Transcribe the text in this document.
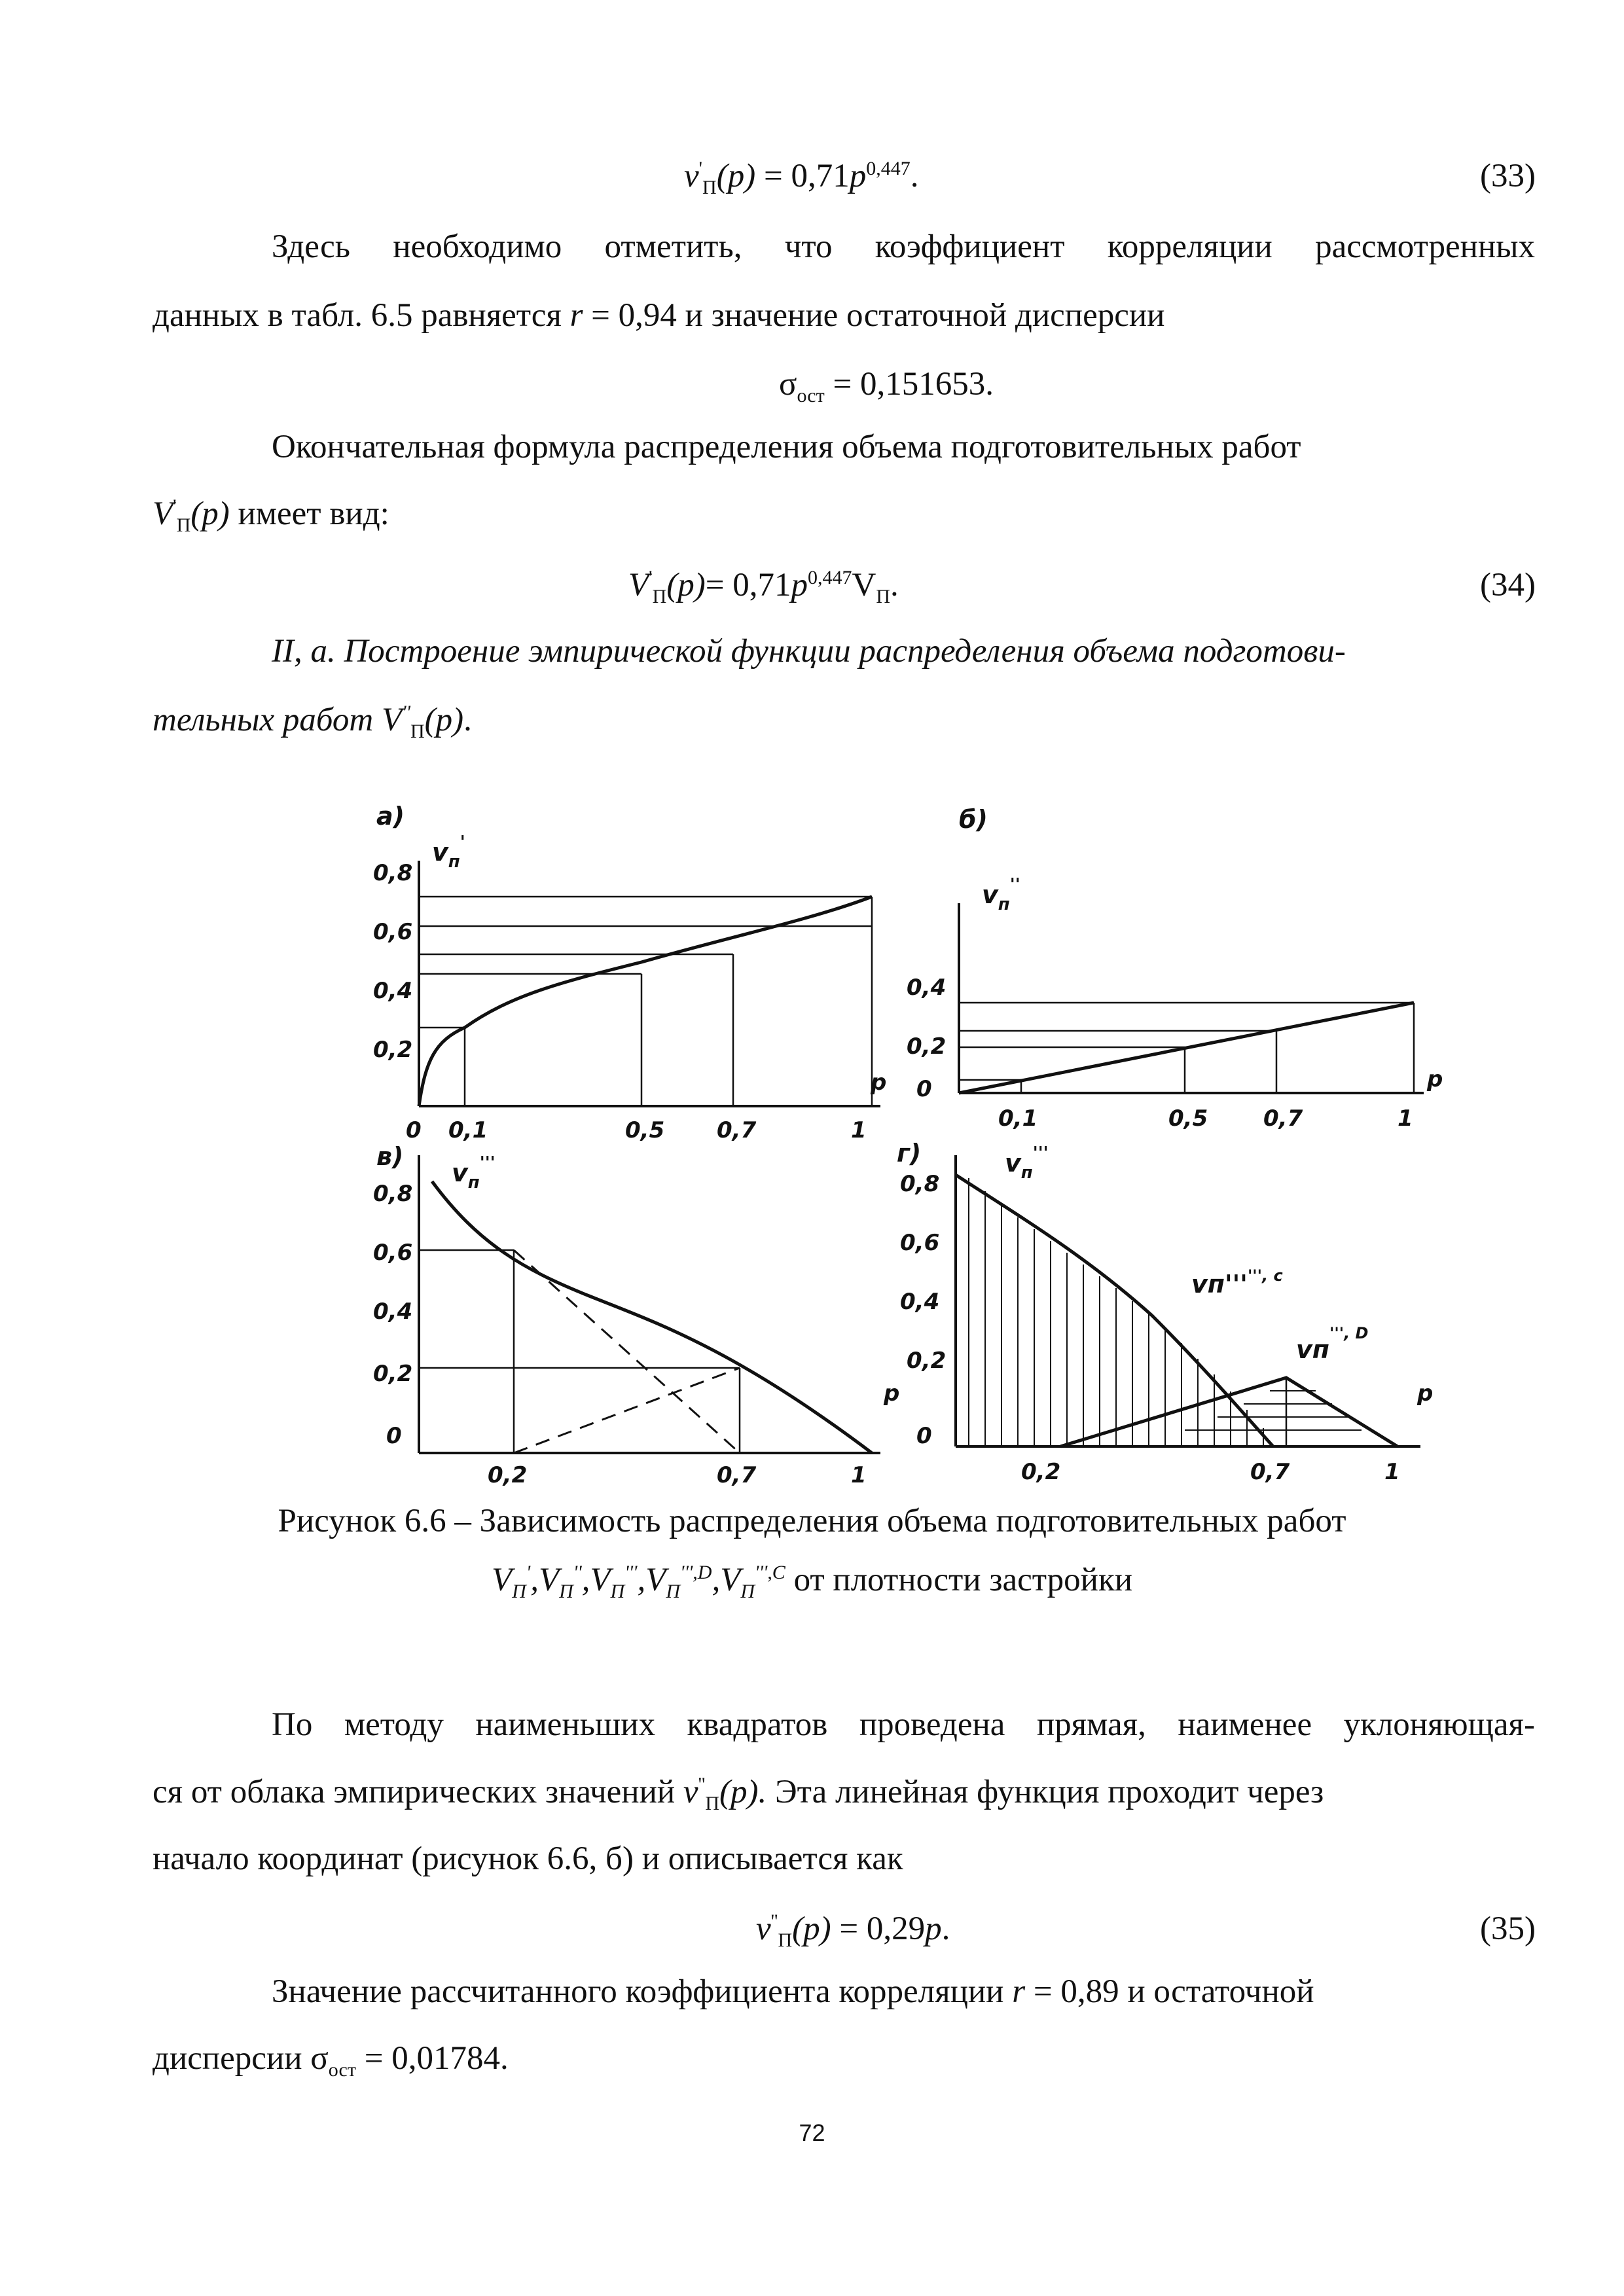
$v'_П(p) = 0,71p^{0,447}$.	(33)
Здесь необходимо отметить, что коэффициент корреляции рассмотренных
данных в табл. 6.5 равняется r = 0,94 и значение остаточной дисперсии
$\sigma_{ост} = 0,151653$.
Окончательная формула распределения объема подготовительных работ
$V'_П(p)$ имеет вид:
$V'_П(p)= 0,71p^{0,447}V_П$.	(34)
II, а. Построение эмпирической функции распределения объема подготови-
тельных работ $V''_П(p)$.
а)
$v_п'$
0,8
0,6
0,4
0,2
0 0,1	0,5 0,7	1
p
б)
$v_п''$
0,4
0,2
0
0,1	0,5 0,7	1
p
в)
$v_п'''$
0,8
0,6
0,4
0,2
0
0,2	0,7	1
p
г)	$v_п'''$
0,8
0,6
0,4
0,2
0
0,2	0,7	1
p
$vп'''^{''', c}$
$vп^{''', D}$
Рисунок 6.6 – Зависимость распределения объема подготовительных работ
$V_П',V_П'',V_П''',V_П^{''',D},V_П^{''',C}$ от плотности застройки
По методу наименьших квадратов проведена прямая, наименее уклоняющая-
ся от облака эмпирических значений $v''_П(p)$. Эта линейная функция проходит через
начало координат (рисунок 6.6, б) и описывается как
$v''_П(p) = 0,29p$.	(35)
Значение рассчитанного коэффициента корреляции r = 0,89 и остаточной
дисперсии $\sigma_{ост} = 0,01784$.
72
